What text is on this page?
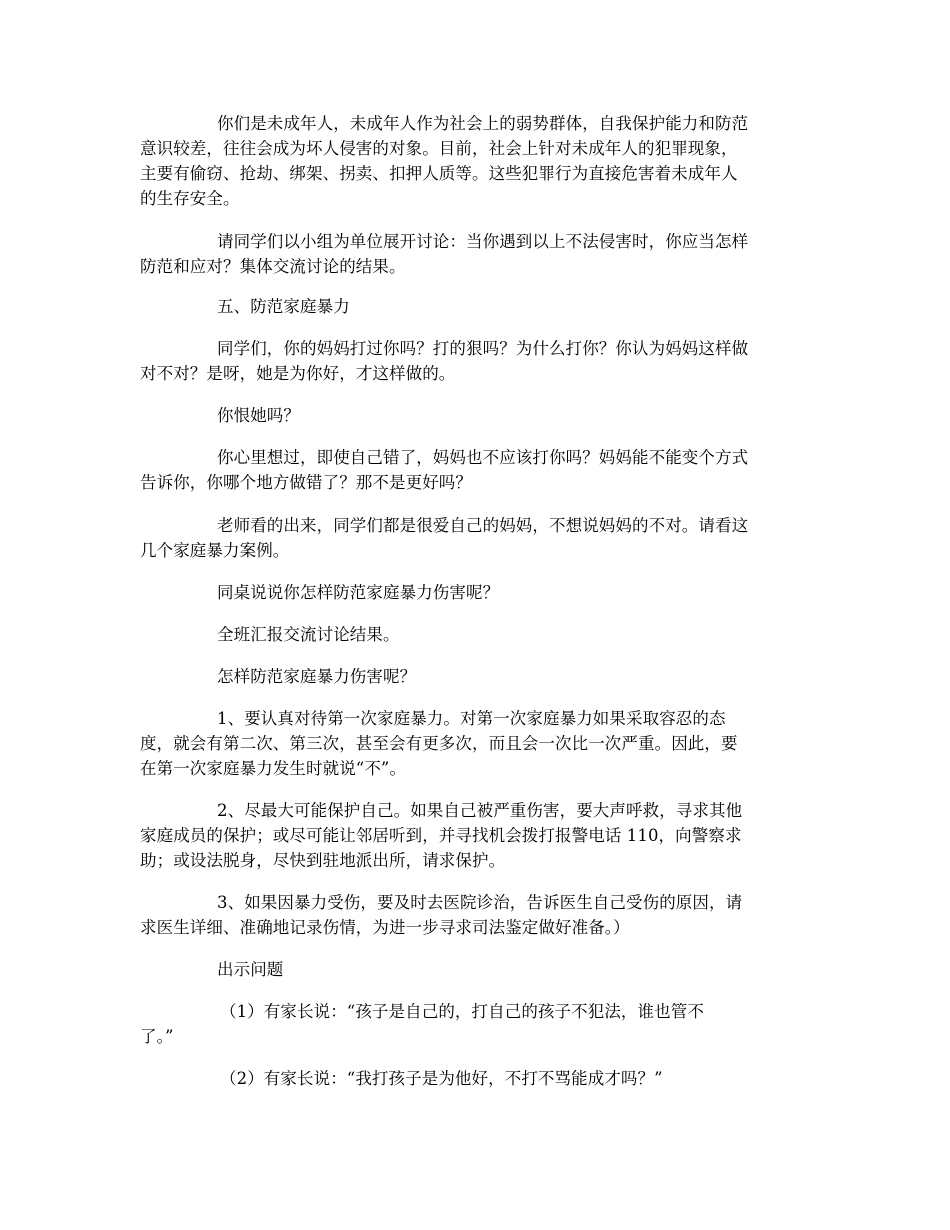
你们是未成年人，未成年人作为社会上的弱势群体，自我保护能力和防范
意识较差，往往会成为坏人侵害的对象。目前，社会上针对未成年人的犯罪现象，
主要有偷窃、抢劫、绑架、拐卖、扣押人质等。这些犯罪行为直接危害着未成年人
的生存安全。
请同学们以小组为单位展开讨论：当你遇到以上不法侵害时，你应当怎样
防范和应对？集体交流讨论的结果。
五、防范家庭暴力
同学们，你的妈妈打过你吗？打的狠吗？为什么打你？你认为妈妈这样做
对不对？是呀，她是为你好，才这样做的。
你恨她吗？
你心里想过，即使自己错了，妈妈也不应该打你吗？妈妈能不能变个方式
告诉你，你哪个地方做错了？那不是更好吗？
老师看的出来，同学们都是很爱自己的妈妈，不想说妈妈的不对。请看这
几个家庭暴力案例。
同桌说说你怎样防范家庭暴力伤害呢？
全班汇报交流讨论结果。
怎样防范家庭暴力伤害呢？
1、要认真对待第一次家庭暴力。对第一次家庭暴力如果采取容忍的态
度，就会有第二次、第三次，甚至会有更多次，而且会一次比一次严重。因此，要
在第一次家庭暴力发生时就说“不”。
2、尽最大可能保护自己。如果自己被严重伤害，要大声呼救，寻求其他
家庭成员的保护；或尽可能让邻居听到，并寻找机会拨打报警电话 110，向警察求
助；或设法脱身，尽快到驻地派出所，请求保护。
3、如果因暴力受伤，要及时去医院诊治，告诉医生自己受伤的原因，请
求医生详细、准确地记录伤情，为进一步寻求司法鉴定做好准备。）
出示问题
（1）有家长说：“孩子是自己的，打自己的孩子不犯法，谁也管不
了。”
（2）有家长说：“我打孩子是为他好，不打不骂能成才吗？”
